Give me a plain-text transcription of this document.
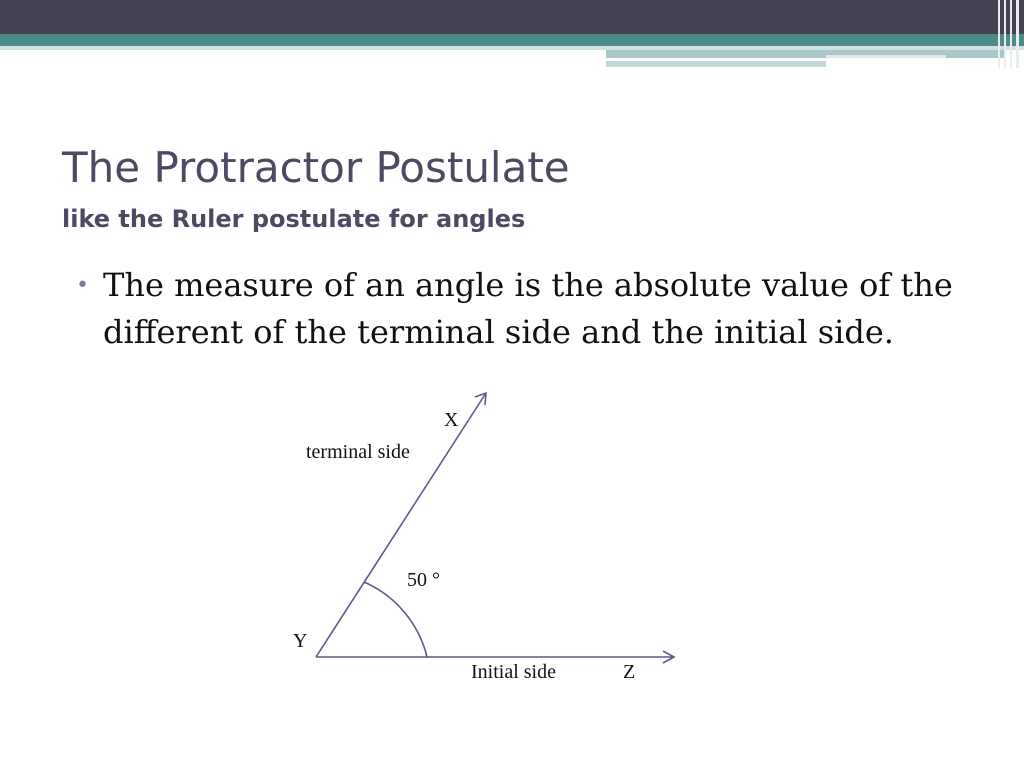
The Protractor Postulate
like the Ruler postulate for angles
• The measure of an angle is the absolute value of the different of the terminal side and the initial side.
X
terminal side
50 °
Y
Initial side	Z
